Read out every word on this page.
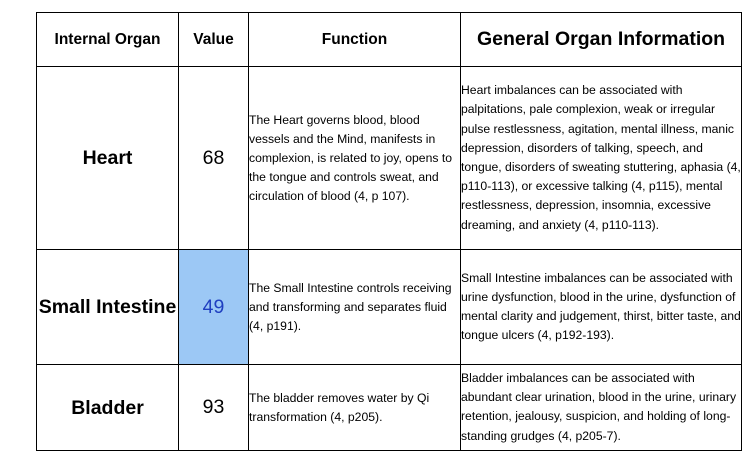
Internal Organ	Value	Function	General Organ Information
Heart	68	The Heart governs blood, blood vessels and the Mind, manifests in complexion, is related to joy, opens to the tongue and controls sweat, and circulation of blood (4, p 107).	Heart imbalances can be associated with palpitations, pale complexion, weak or irregular pulse restlessness, agitation, mental illness, manic depression, disorders of talking, speech, and tongue, disorders of sweating stuttering, aphasia (4, p110-113), or excessive talking (4, p115), mental restlessness, depression, insomnia, excessive dreaming, and anxiety (4, p110-113).
Small Intestine	49	The Small Intestine controls receiving and transforming and separates fluid (4, p191).	Small Intestine imbalances can be associated with urine dysfunction, blood in the urine, dysfunction of mental clarity and judgement, thirst, bitter taste, and tongue ulcers (4, p192-193).
Bladder	93	The bladder removes water by Qi transformation (4, p205).	Bladder imbalances can be associated with abundant clear urination, blood in the urine, urinary retention, jealousy, suspicion, and holding of long-standing grudges (4, p205-7).
